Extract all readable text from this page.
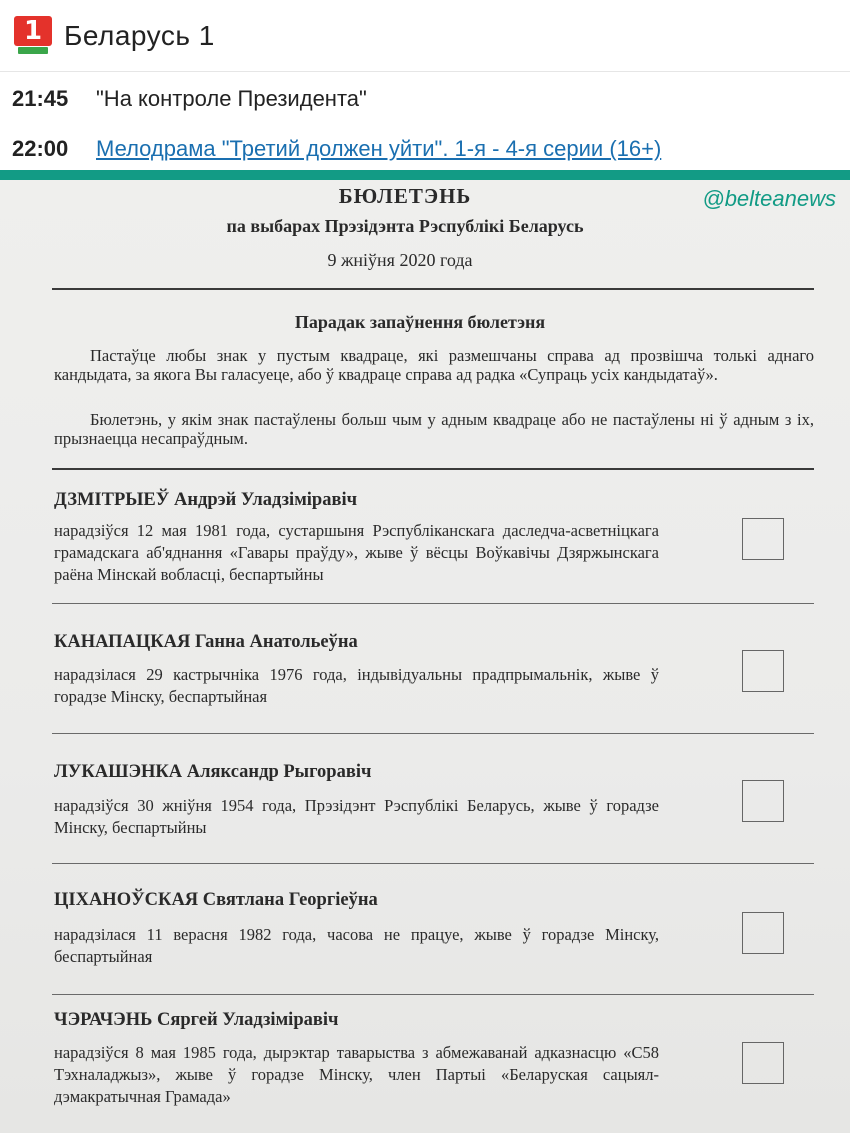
1 Беларусь 1
21:45	"На контроле Президента"
22:00	Мелодрама "Третий должен уйти". 1-я - 4-я серии (16+)
@belteanews
БЮЛЕТЭНЬ
па выбарах Прэзідэнта Рэспублікі Беларусь
9 жніўня 2020 года
Парадак запаўнення бюлетэня
Пастаўце любы знак у пустым квадраце, які размешчаны справа ад прозвішча толькі аднаго кандыдата, за якога Вы галасуеце, або ў квадраце справа ад радка «Супраць усіх кандыдатаў».
Бюлетэнь, у якім знак пастаўлены больш чым у адным квадраце або не пастаўлены ні ў адным з іх, прызнаецца несапраўдным.
ДЗМІТРЫЕЎ Андрэй Уладзіміравіч
нарадзіўся 12 мая 1981 года, сустаршыня Рэспубліканскага даследча-асветніцкага грамадскага аб'яднання «Гавары праўду», жыве ў вёсцы Воўкавічы Дзяржынскага раёна Мінскай вобласці, беспартыйны
КАНАПАЦКАЯ Ганна Анатольеўна
нарадзілася 29 кастрычніка 1976 года, індывідуальны прадпрымальнік, жыве ў горадзе Мінску, беспартыйная
ЛУКАШЭНКА Аляксандр Рыгоравіч
нарадзіўся 30 жніўня 1954 года, Прэзідэнт Рэспублікі Беларусь, жыве ў горадзе Мінску, беспартыйны
ЦІХАНОЎСКАЯ Святлана Георгіеўна
нарадзілася 11 верасня 1982 года, часова не працуе, жыве ў горадзе Мінску, беспартыйная
ЧЭРАЧЭНЬ Сяргей Уладзіміравіч
нарадзіўся 8 мая 1985 года, дырэктар таварыства з абмежаванай адказнасцю «С58 Тэхналаджыз», жыве ў горадзе Мінску, член Партыі «Беларуская сацыял-дэмакратычная Грамада»
